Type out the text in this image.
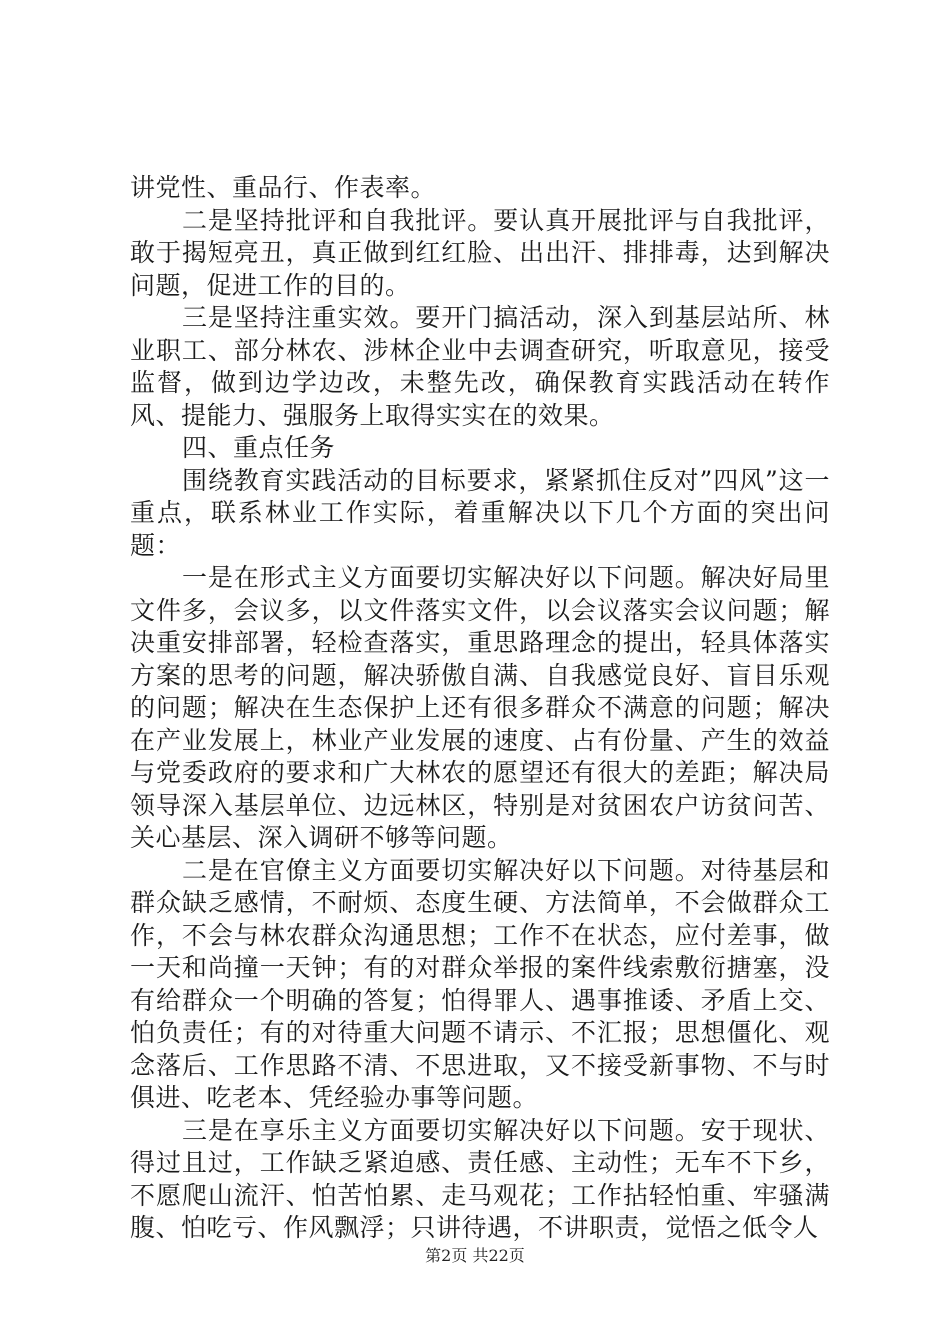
讲党性、重品行、作表率。

二是坚持批评和自我批评。要认真开展批评与自我批评，敢于揭短亮丑，真正做到红红脸、出出汗、排排毒，达到解决问题，促进工作的目的。

三是坚持注重实效。要开门搞活动，深入到基层站所、林业职工、部分林农、涉林企业中去调查研究，听取意见，接受监督，做到边学边改，未整先改，确保教育实践活动在转作风、提能力、强服务上取得实实在的效果。

四、重点任务

围绕教育实践活动的目标要求，紧紧抓住反对”四风”这一重点，联系林业工作实际，着重解决以下几个方面的突出问题：

一是在形式主义方面要切实解决好以下问题。解决好局里文件多，会议多，以文件落实文件，以会议落实会议问题；解决重安排部署，轻检查落实，重思路理念的提出，轻具体落实方案的思考的问题，解决骄傲自满、自我感觉良好、盲目乐观的问题；解决在生态保护上还有很多群众不满意的问题；解决在产业发展上，林业产业发展的速度、占有份量、产生的效益与党委政府的要求和广大林农的愿望还有很大的差距；解决局领导深入基层单位、边远林区，特别是对贫困农户访贫问苦、关心基层、深入调研不够等问题。

二是在官僚主义方面要切实解决好以下问题。对待基层和群众缺乏感情，不耐烦、态度生硬、方法简单，不会做群众工作，不会与林农群众沟通思想；工作不在状态，应付差事，做一天和尚撞一天钟；有的对群众举报的案件线索敷衍搪塞，没有给群众一个明确的答复；怕得罪人、遇事推诿、矛盾上交、怕负责任；有的对待重大问题不请示、不汇报；思想僵化、观念落后、工作思路不清、不思进取，又不接受新事物、不与时俱进、吃老本、凭经验办事等问题。

三是在享乐主义方面要切实解决好以下问题。安于现状、得过且过，工作缺乏紧迫感、责任感、主动性；无车不下乡，不愿爬山流汗、怕苦怕累、走马观花；工作拈轻怕重、牢骚满腹、怕吃亏、作风飘浮；只讲待遇，不讲职责，觉悟之低令人

第2页 共22页
